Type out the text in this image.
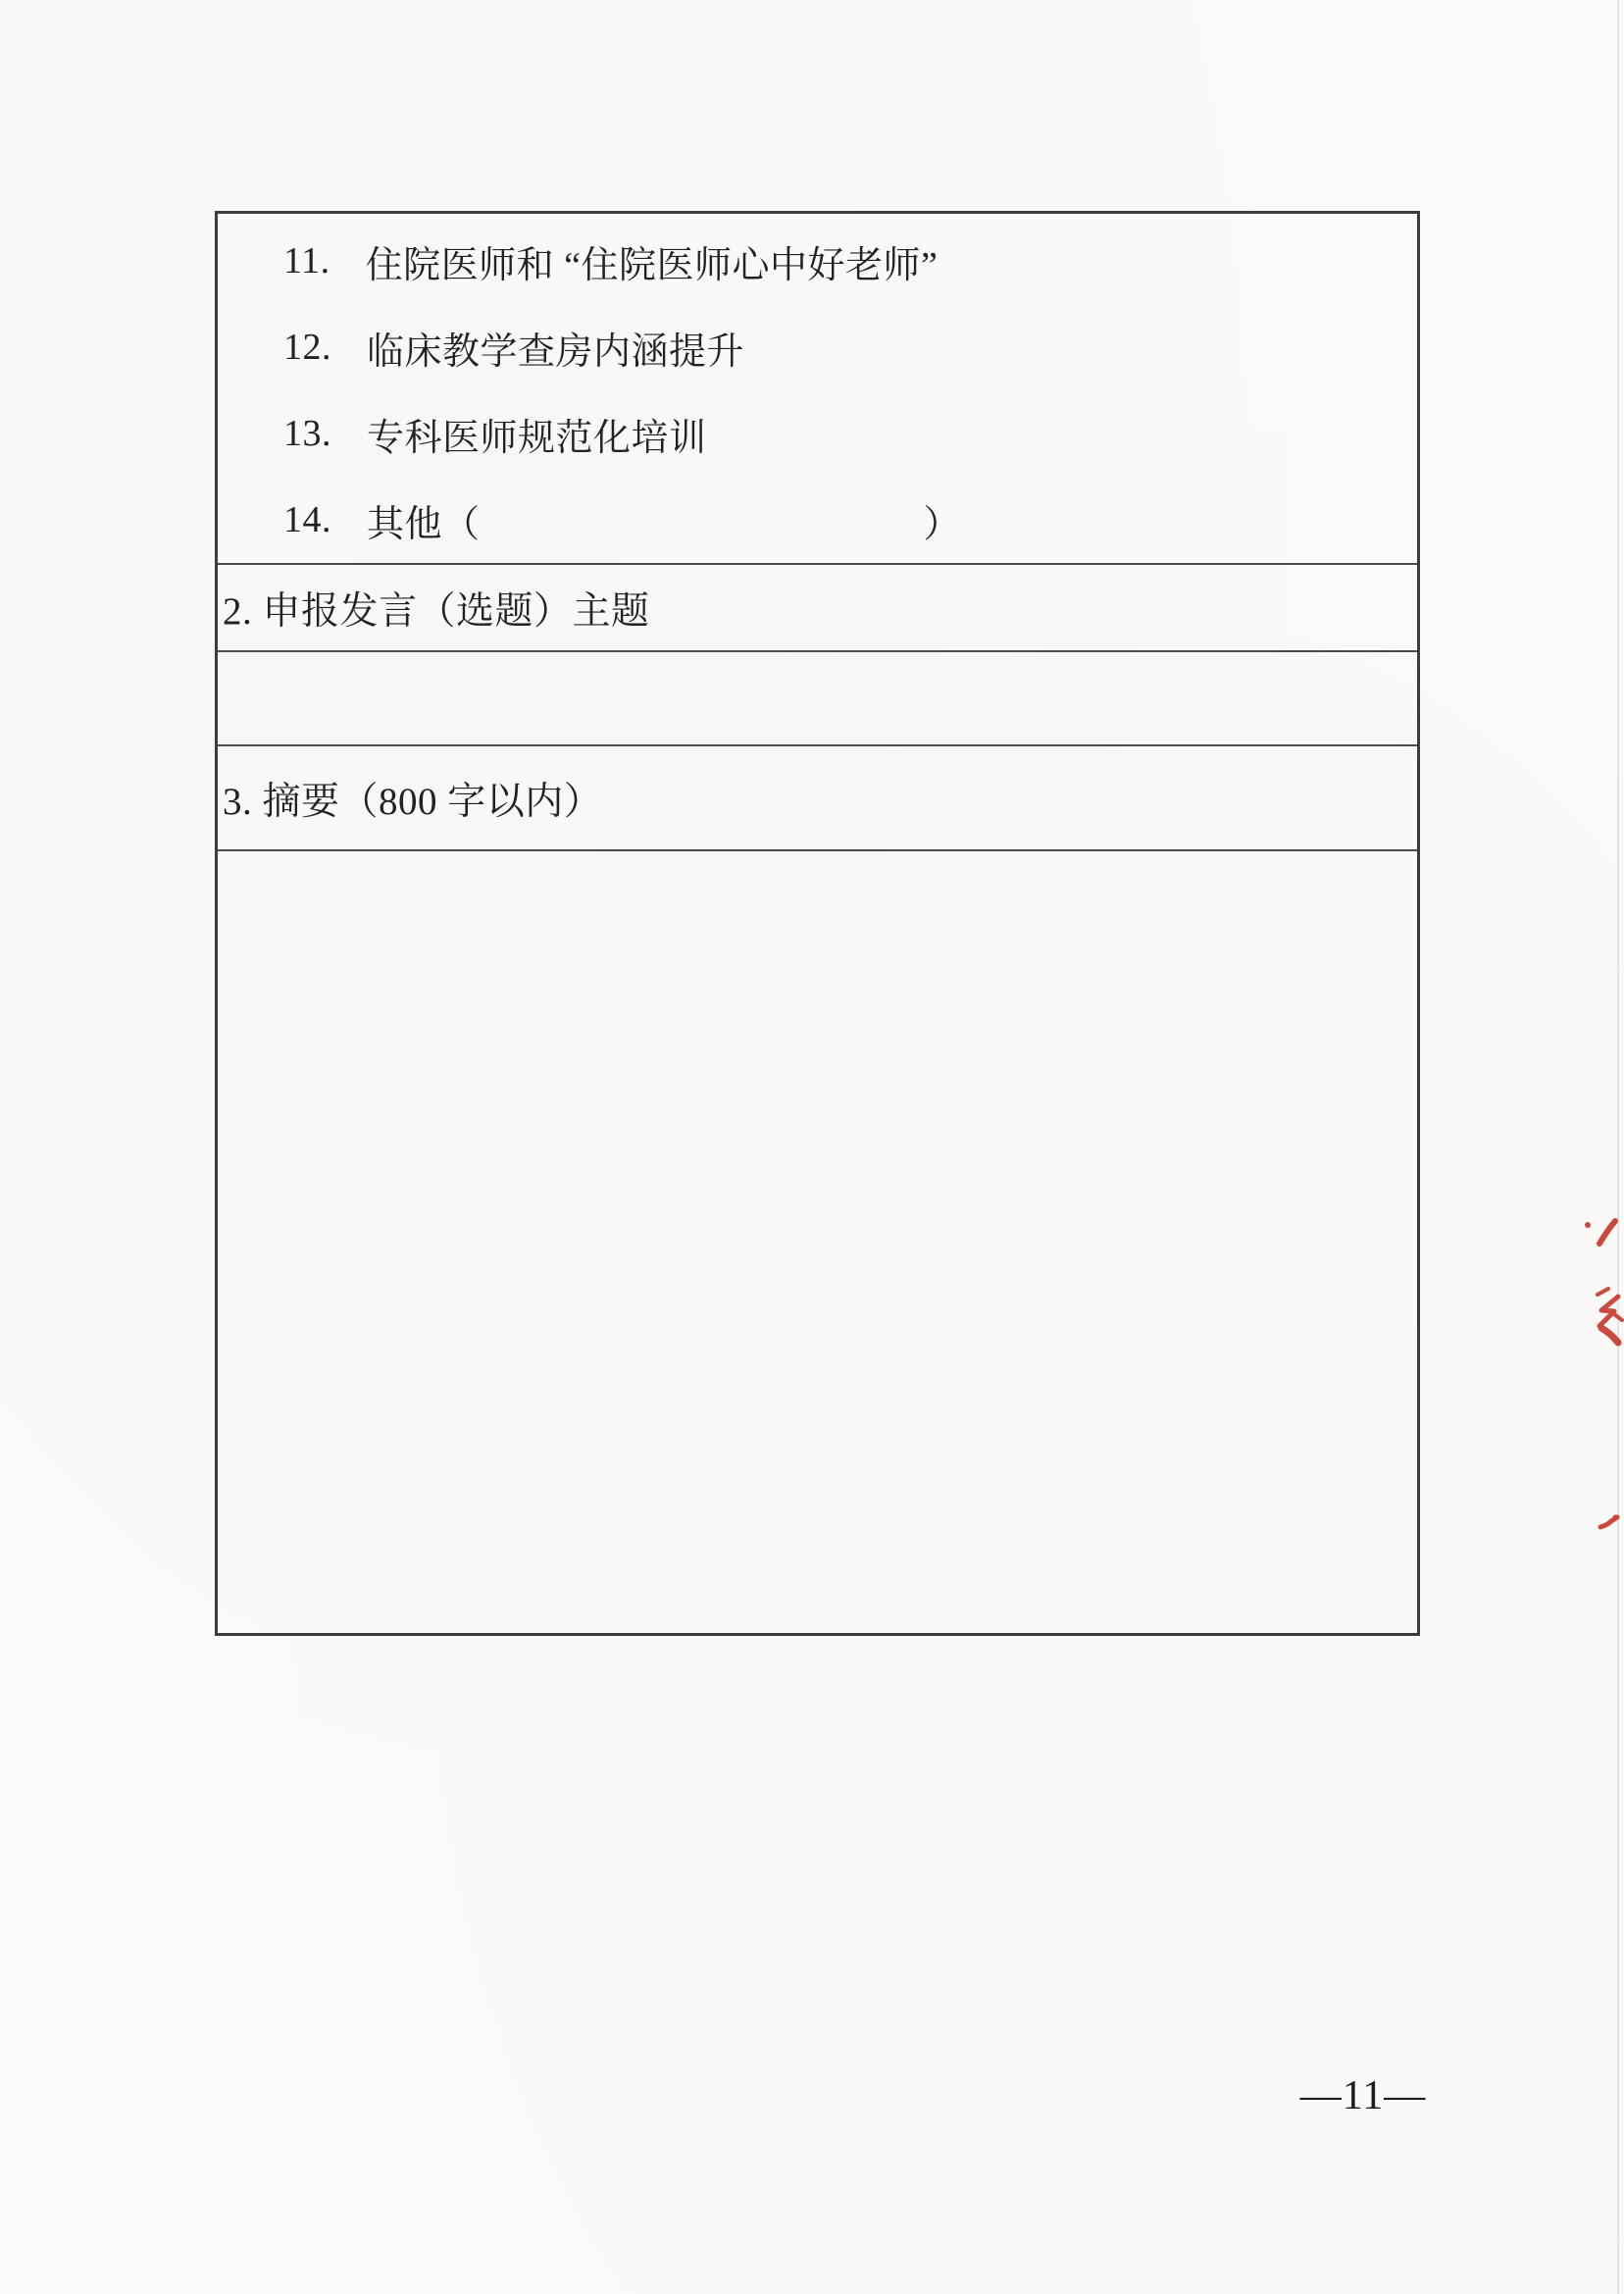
11. 住院医师和 “住院医师心中好老师”
12. 临床教学查房内涵提升
13. 专科医师规范化培训
14. 其他（	）
2. 申报发言（选题）主题
3. 摘要（800 字以内）
—11—
